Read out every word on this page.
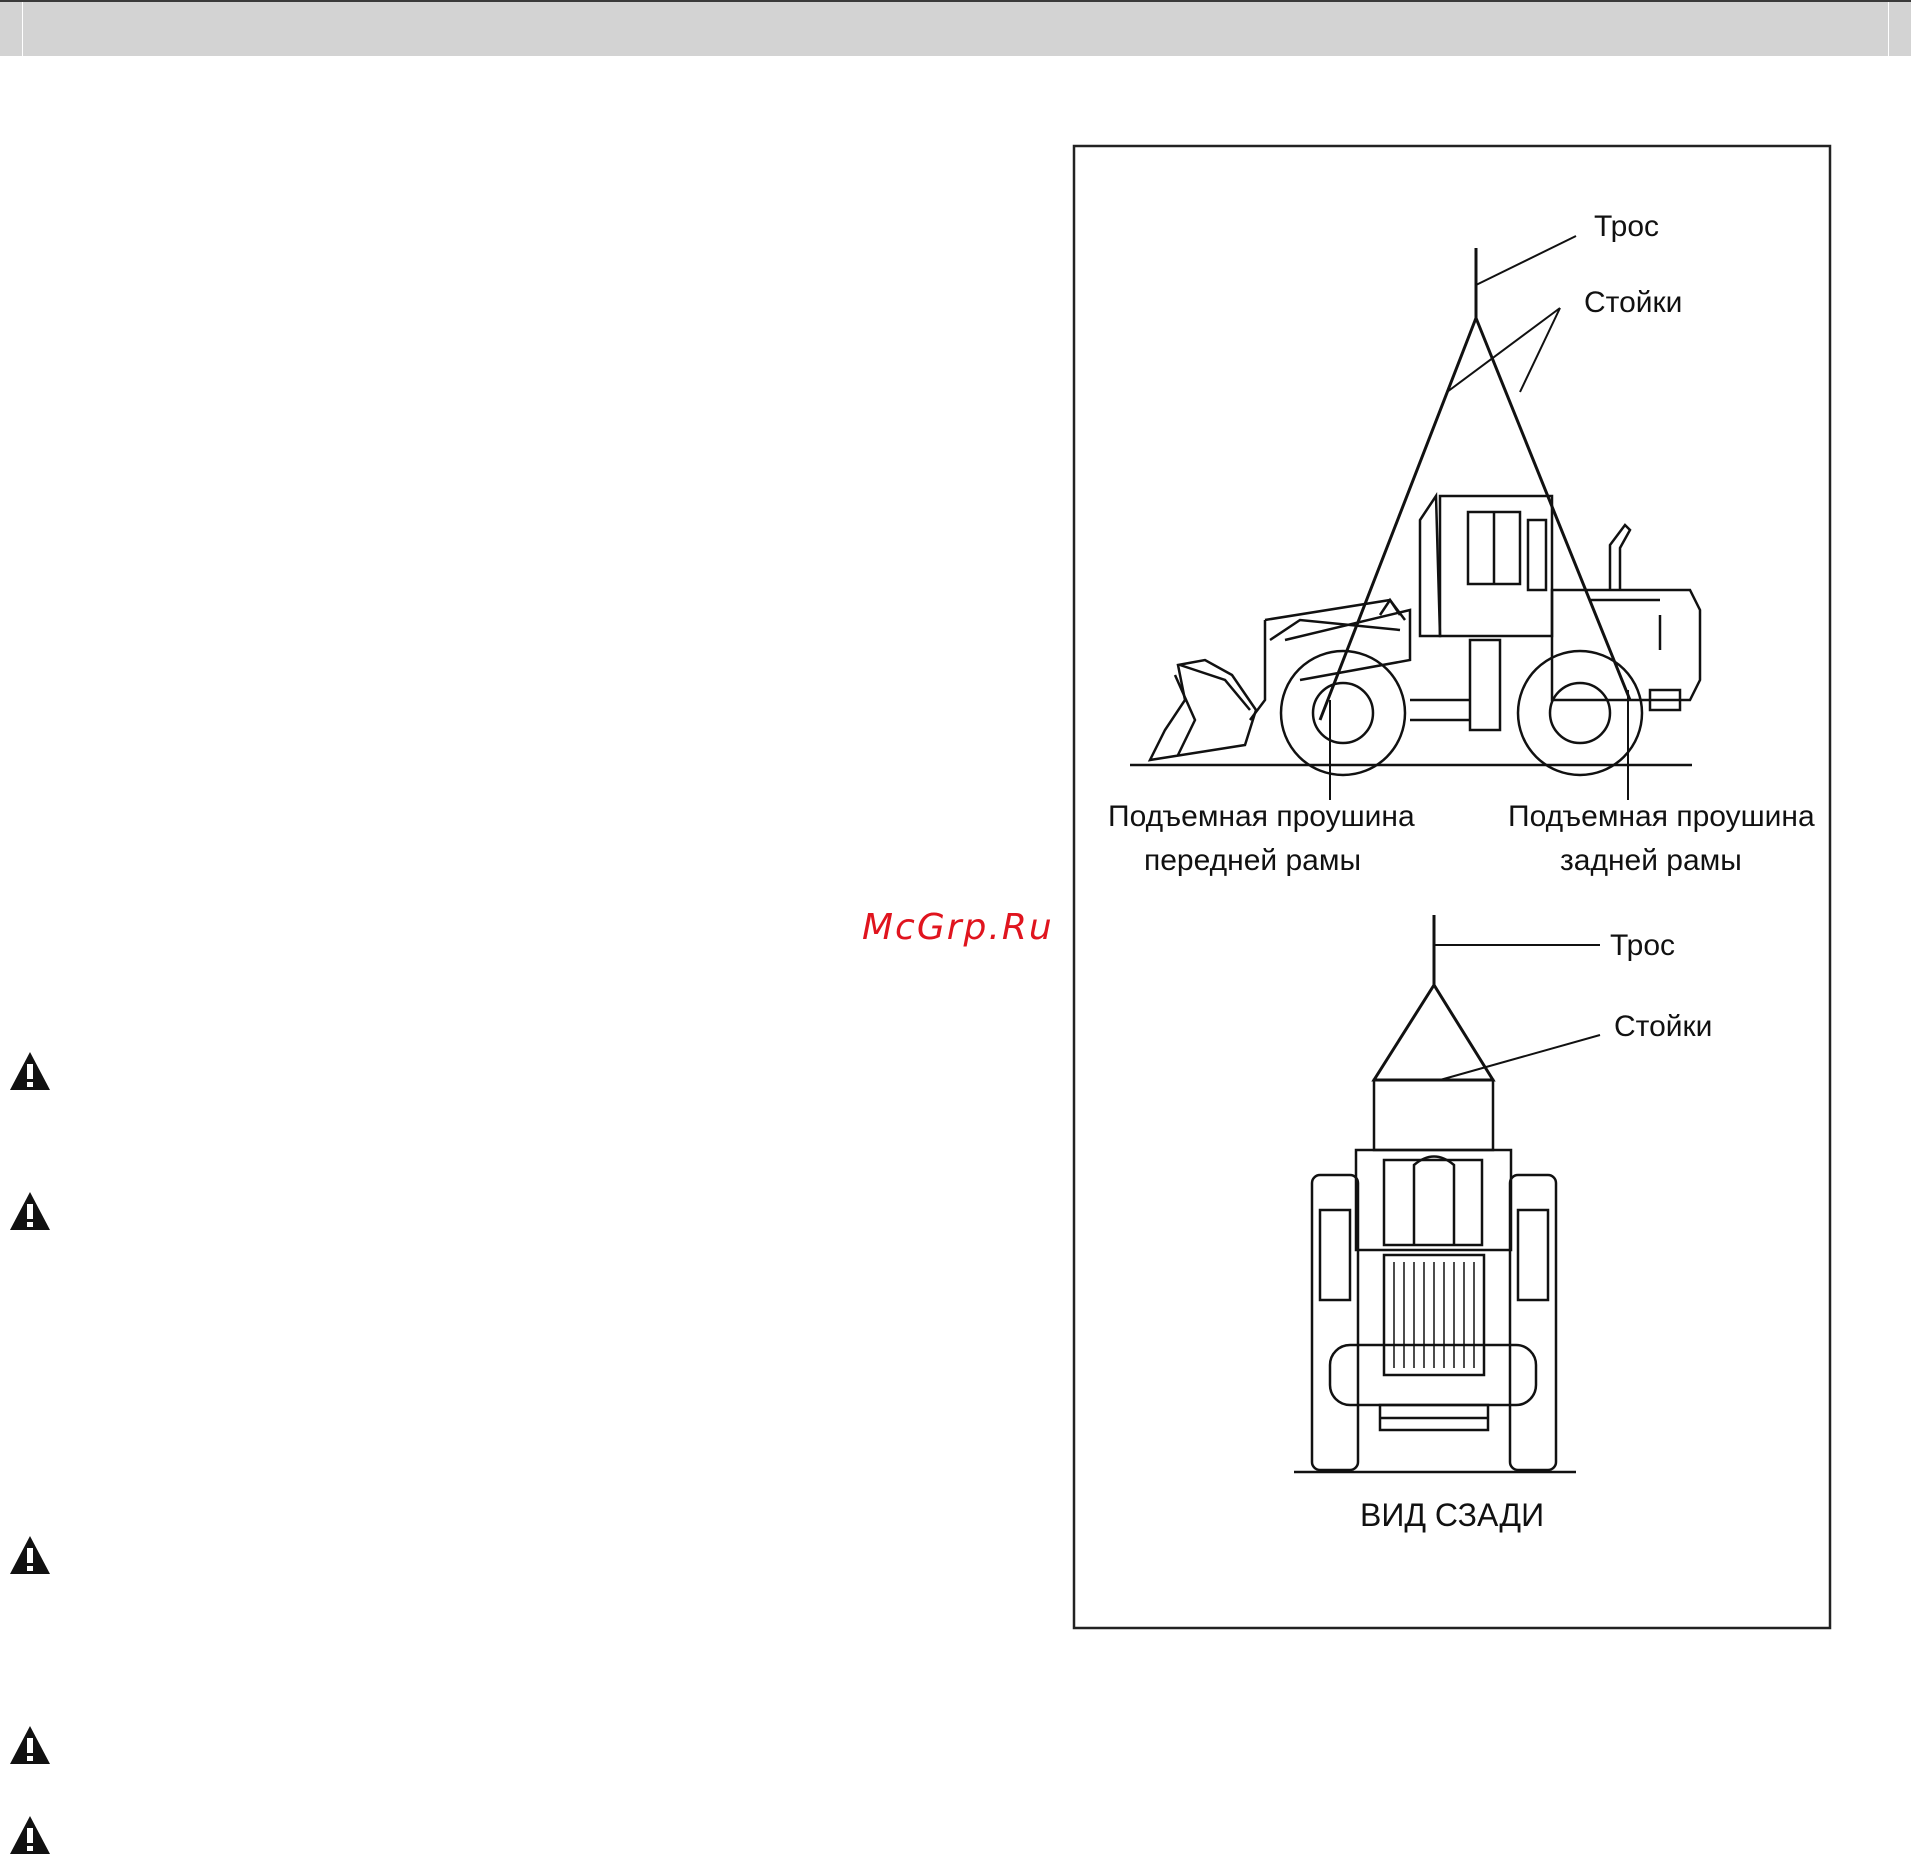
McGrp.Ru
Трос
Стойки
Подъемная проушина
передней рамы
Подъемная проушина
задней рамы
Трос
Стойки
ВИД СЗАДИ
